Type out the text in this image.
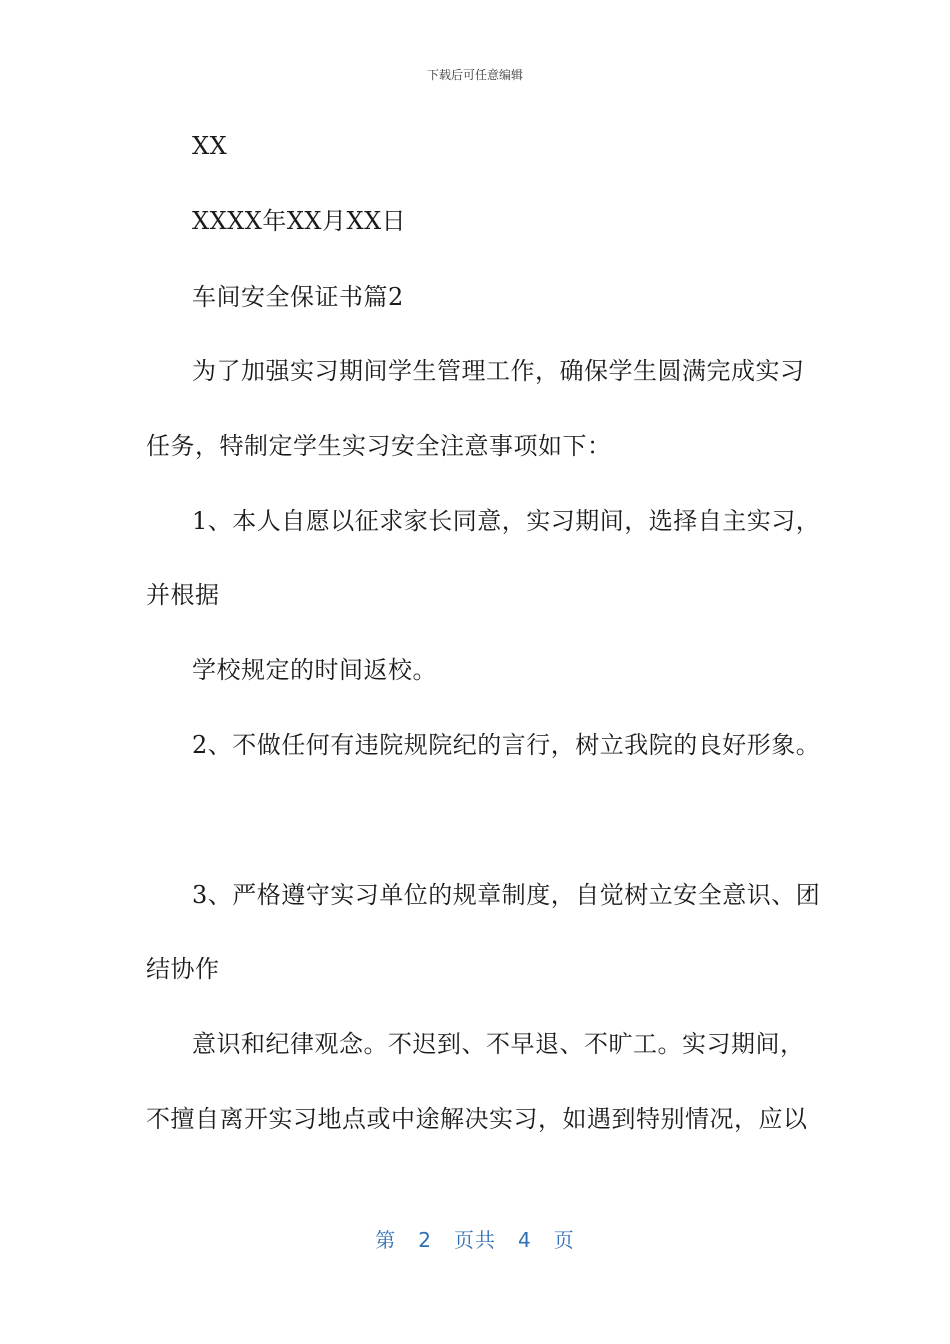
下载后可任意编辑
XX
XXXX年XX月XX日
车间安全保证书篇2
为了加强实习期间学生管理工作，确保学生圆满完成实习
任务，特制定学生实习安全注意事项如下：
1、本人自愿以征求家长同意，实习期间，选择自主实习，
并根据
学校规定的时间返校。
2、不做任何有违院规院纪的言行，树立我院的良好形象。
3、严格遵守实习单位的规章制度，自觉树立安全意识、团
结协作
意识和纪律观念。不迟到、不早退、不旷工。实习期间，
不擅自离开实习地点或中途解决实习，如遇到特别情况，应以
第 2 页共 4 页
